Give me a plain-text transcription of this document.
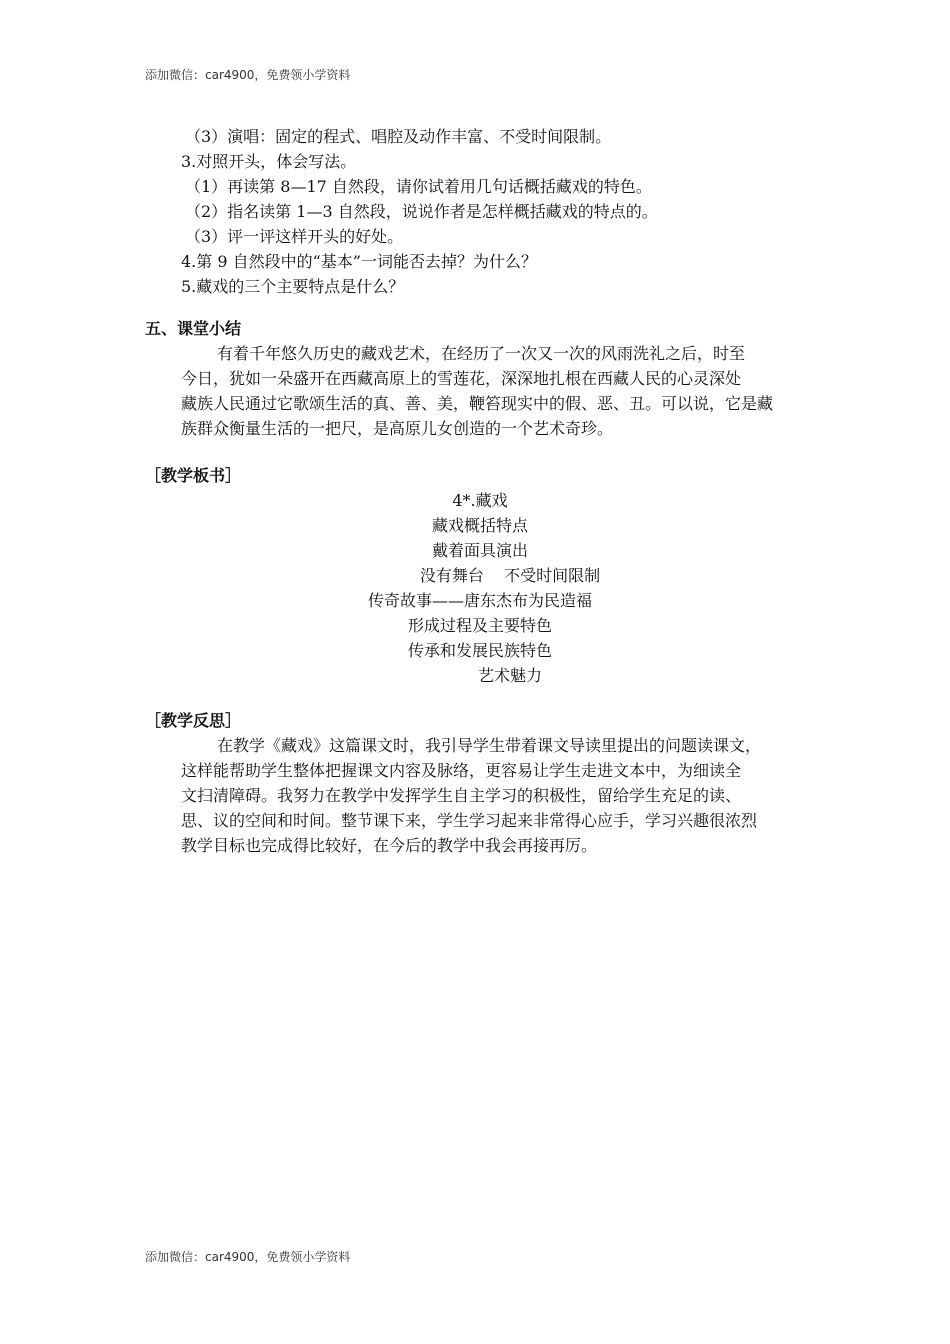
添加微信：car4900，免费领小学资料
（3）演唱：固定的程式、唱腔及动作丰富、不受时间限制。
3.对照开头，体会写法。
（1）再读第 8—17 自然段，请你试着用几句话概括藏戏的特色。
（2）指名读第 1—3 自然段，说说作者是怎样概括藏戏的特点的。
（3）评一评这样开头的好处。
4.第 9 自然段中的“基本”一词能否去掉？为什么？
5.藏戏的三个主要特点是什么？
五、课堂小结
有着千年悠久历史的藏戏艺术，在经历了一次又一次的风雨洗礼之后，时至
今日，犹如一朵盛开在西藏高原上的雪莲花，深深地扎根在西藏人民的心灵深处
藏族人民通过它歌颂生活的真、善、美，鞭笞现实中的假、恶、丑。可以说，它是藏
族群众衡量生活的一把尺，是高原儿女创造的一个艺术奇珍。
［教学板书］
4*.藏戏
藏戏概括特点
戴着面具演出
没有舞台    不受时间限制
传奇故事——唐东杰布为民造福
形成过程及主要特色
传承和发展民族特色
艺术魅力
［教学反思］
在教学《藏戏》这篇课文时，我引导学生带着课文导读里提出的问题读课文，
这样能帮助学生整体把握课文内容及脉络，更容易让学生走进文本中，为细读全
文扫清障碍。我努力在教学中发挥学生自主学习的积极性，留给学生充足的读、
思、议的空间和时间。整节课下来，学生学习起来非常得心应手，学习兴趣很浓烈
教学目标也完成得比较好，在今后的教学中我会再接再厉。
添加微信：car4900，免费领小学资料
